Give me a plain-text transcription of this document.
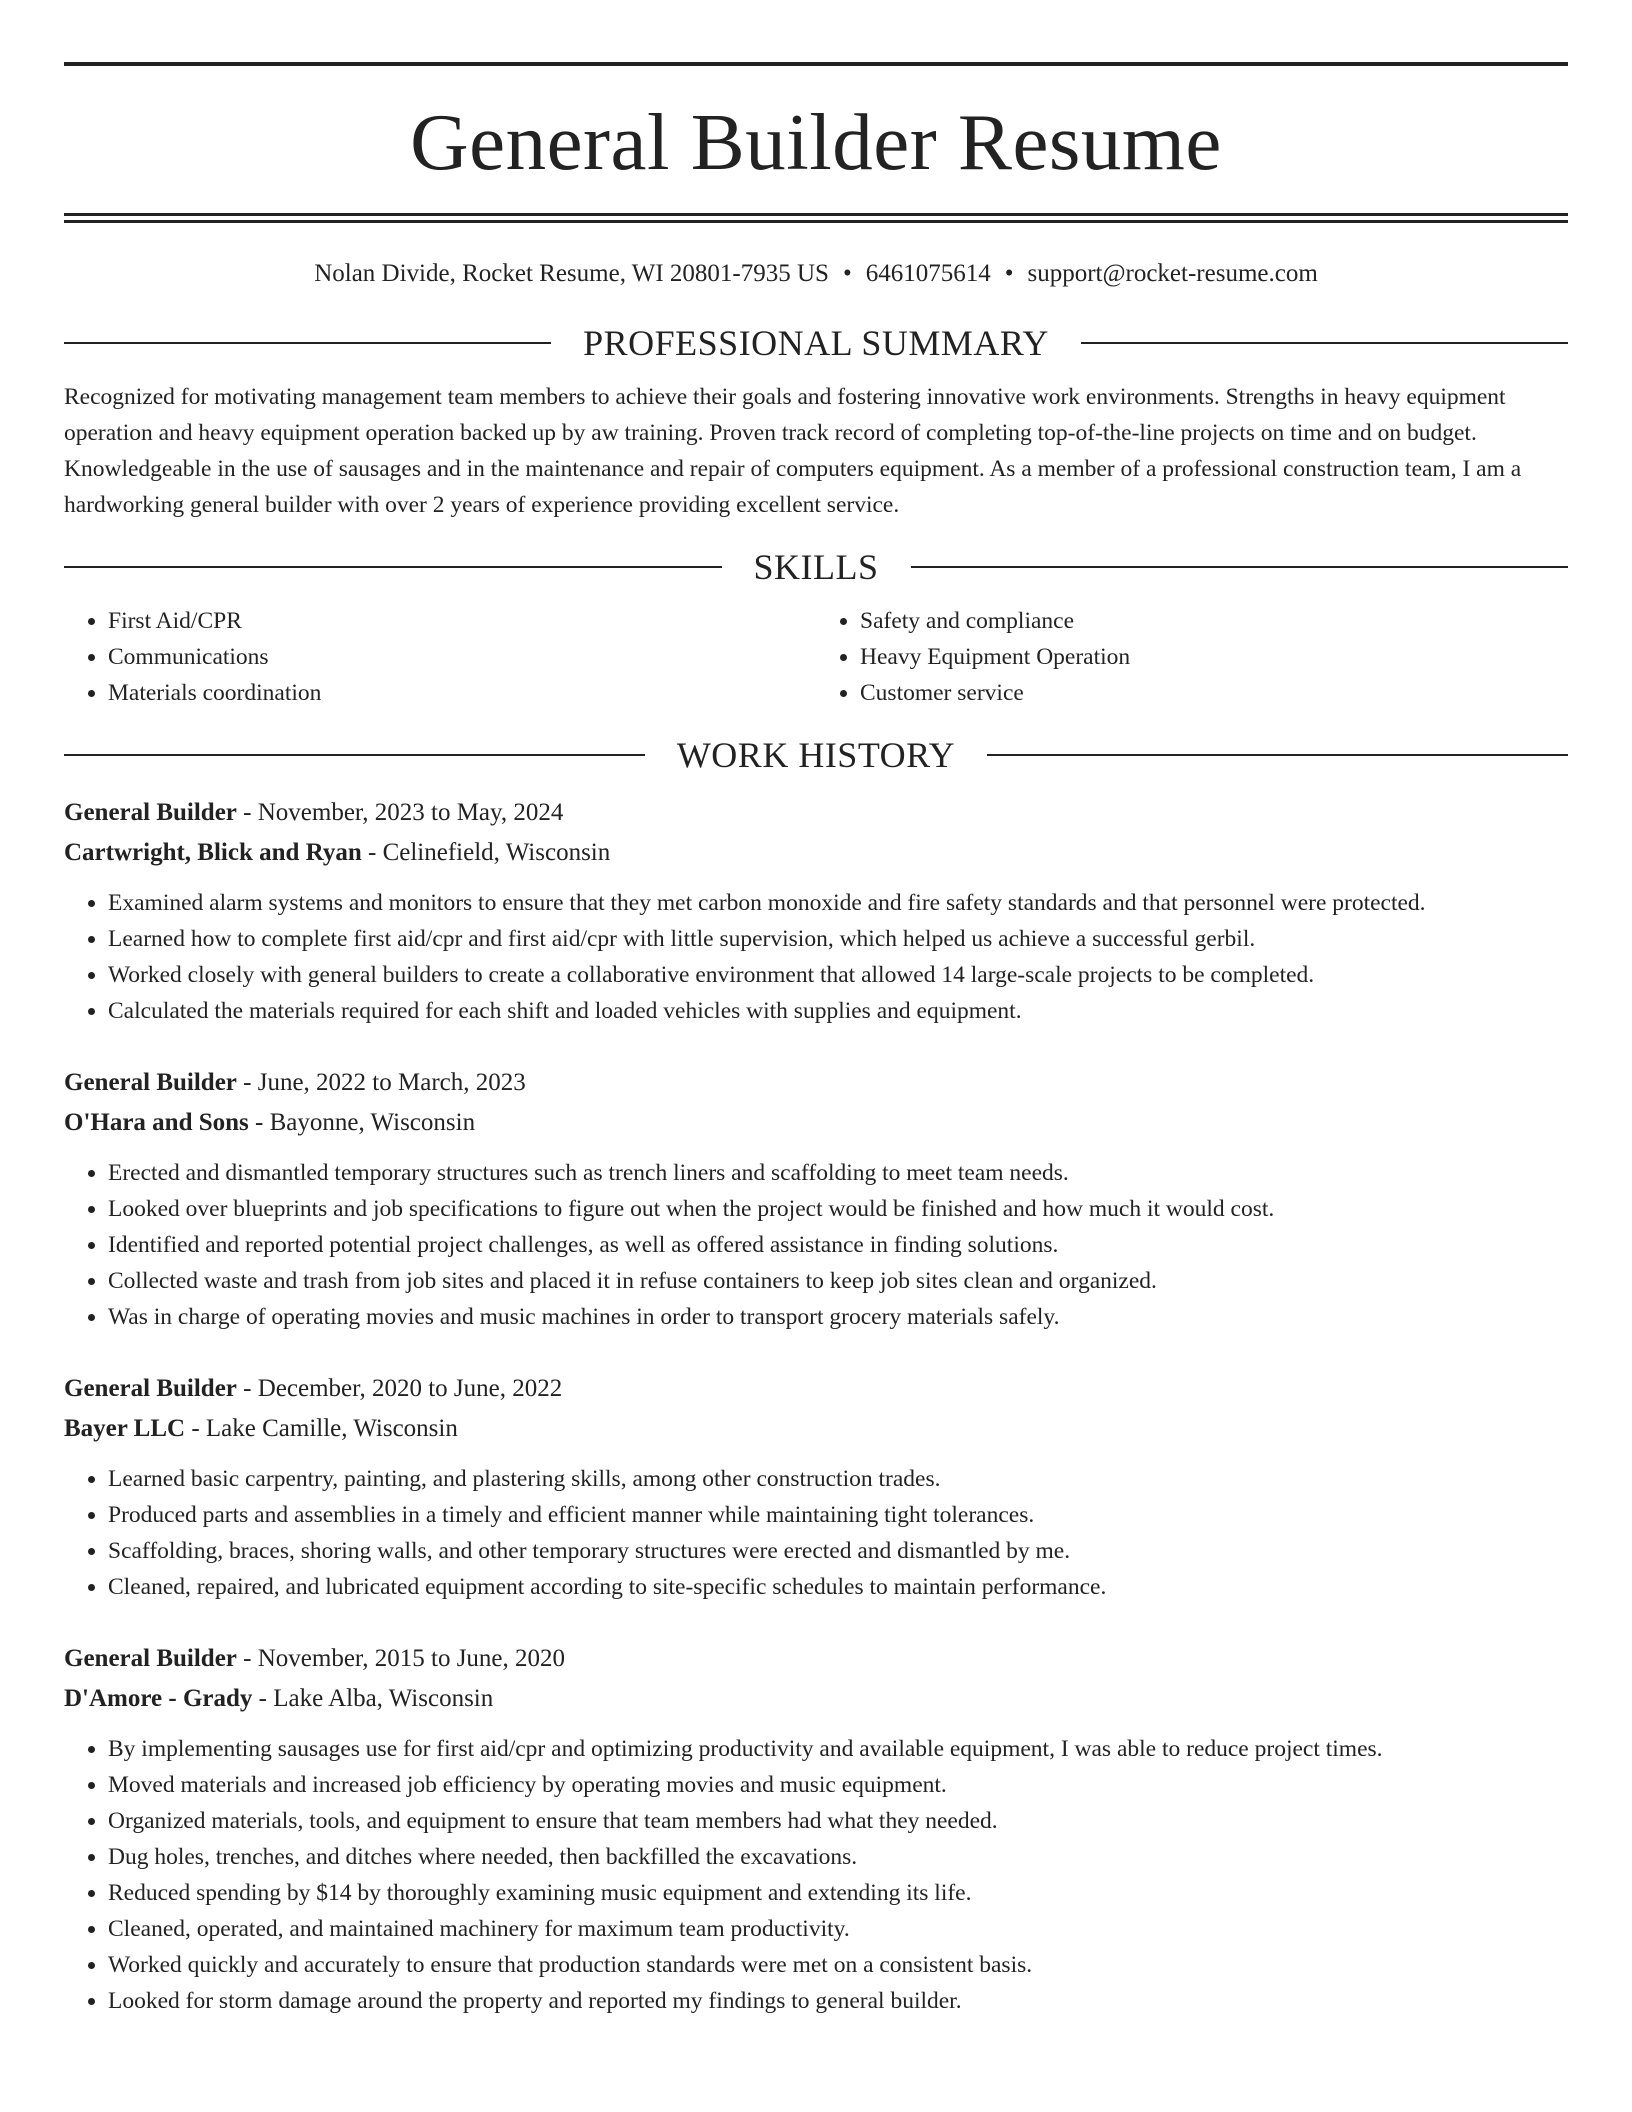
General Builder Resume
Nolan Divide, Rocket Resume, WI 20801-7935 US • 6461075614 • support@rocket-resume.com
PROFESSIONAL SUMMARY

Recognized for motivating management team members to achieve their goals and fostering innovative work environments. Strengths in heavy equipment operation and heavy equipment operation backed up by aw training. Proven track record of completing top-of-the-line projects on time and on budget. Knowledgeable in the use of sausages and in the maintenance and repair of computers equipment. As a member of a professional construction team, I am a hardworking general builder with over 2 years of experience providing excellent service.

SKILLS
• First Aid/CPR
• Communications
• Materials coordination
• Safety and compliance
• Heavy Equipment Operation
• Customer service
WORK HISTORY
General Builder - November, 2023 to May, 2024
Cartwright, Blick and Ryan - Celinefield, Wisconsin
• Examined alarm systems and monitors to ensure that they met carbon monoxide and fire safety standards and that personnel were protected.
• Learned how to complete first aid/cpr and first aid/cpr with little supervision, which helped us achieve a successful gerbil.
• Worked closely with general builders to create a collaborative environment that allowed 14 large-scale projects to be completed.
• Calculated the materials required for each shift and loaded vehicles with supplies and equipment.
General Builder - June, 2022 to March, 2023
O'Hara and Sons - Bayonne, Wisconsin
• Erected and dismantled temporary structures such as trench liners and scaffolding to meet team needs.
• Looked over blueprints and job specifications to figure out when the project would be finished and how much it would cost.
• Identified and reported potential project challenges, as well as offered assistance in finding solutions.
• Collected waste and trash from job sites and placed it in refuse containers to keep job sites clean and organized.
• Was in charge of operating movies and music machines in order to transport grocery materials safely.
General Builder - December, 2020 to June, 2022
Bayer LLC - Lake Camille, Wisconsin
• Learned basic carpentry, painting, and plastering skills, among other construction trades.
• Produced parts and assemblies in a timely and efficient manner while maintaining tight tolerances.
• Scaffolding, braces, shoring walls, and other temporary structures were erected and dismantled by me.
• Cleaned, repaired, and lubricated equipment according to site-specific schedules to maintain performance.
General Builder - November, 2015 to June, 2020
D'Amore - Grady - Lake Alba, Wisconsin
• By implementing sausages use for first aid/cpr and optimizing productivity and available equipment, I was able to reduce project times.
• Moved materials and increased job efficiency by operating movies and music equipment.
• Organized materials, tools, and equipment to ensure that team members had what they needed.
• Dug holes, trenches, and ditches where needed, then backfilled the excavations.
• Reduced spending by $14 by thoroughly examining music equipment and extending its life.
• Cleaned, operated, and maintained machinery for maximum team productivity.
• Worked quickly and accurately to ensure that production standards were met on a consistent basis.
• Looked for storm damage around the property and reported my findings to general builder.
